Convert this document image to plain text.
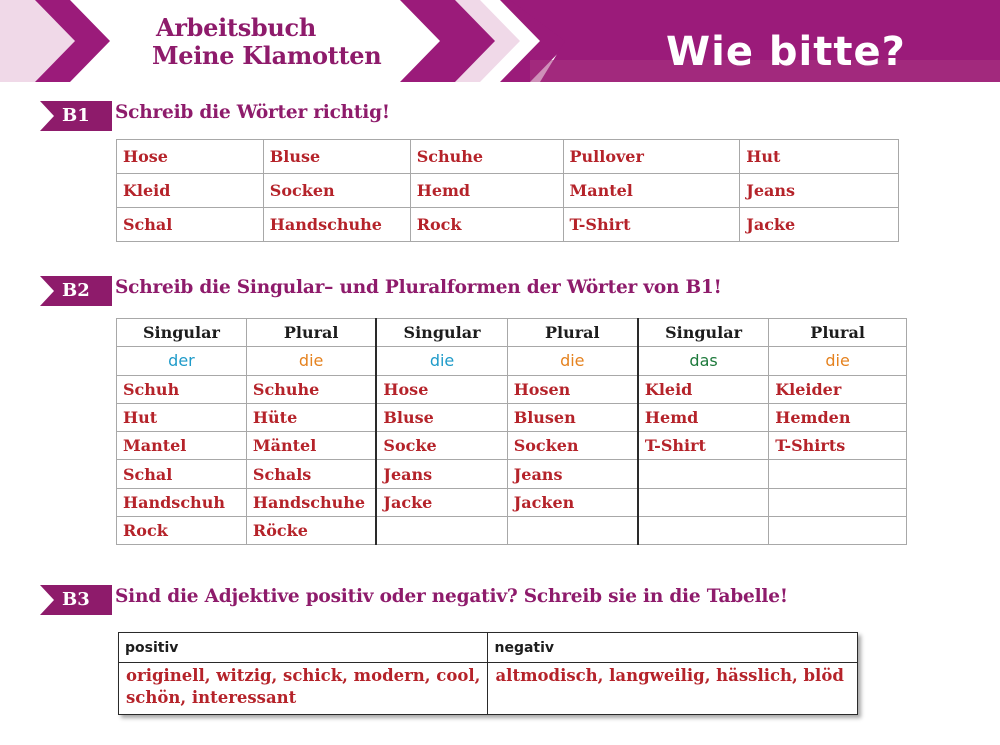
Arbeitsbuch
Meine Klamotten	Wie bitte?
B1	Schreib die Wörter richtig!
Hose	Bluse	Schuhe	Pullover	Hut
Kleid	Socken	Hemd	Mantel	Jeans
Schal	Handschuhe	Rock	T-Shirt	Jacke
B2	Schreib die Singular– und Pluralformen der Wörter von B1!
Singular	Plural	Singular	Plural	Singular	Plural
der	die	die	die	das	die
Schuh	Schuhe	Hose	Hosen	Kleid	Kleider
Hut	Hüte	Bluse	Blusen	Hemd	Hemden
Mantel	Mäntel	Socke	Socken	T-Shirt	T-Shirts
Schal	Schals	Jeans	Jeans		
Handschuh	Handschuhe	Jacke	Jacken		
Rock	Röcke				
B3	Sind die Adjektive positiv oder negativ? Schreib sie in die Tabelle!
positiv	negativ
originell, witzig, schick, modern, cool, schön, interessant	altmodisch, langweilig, hässlich, blöd
